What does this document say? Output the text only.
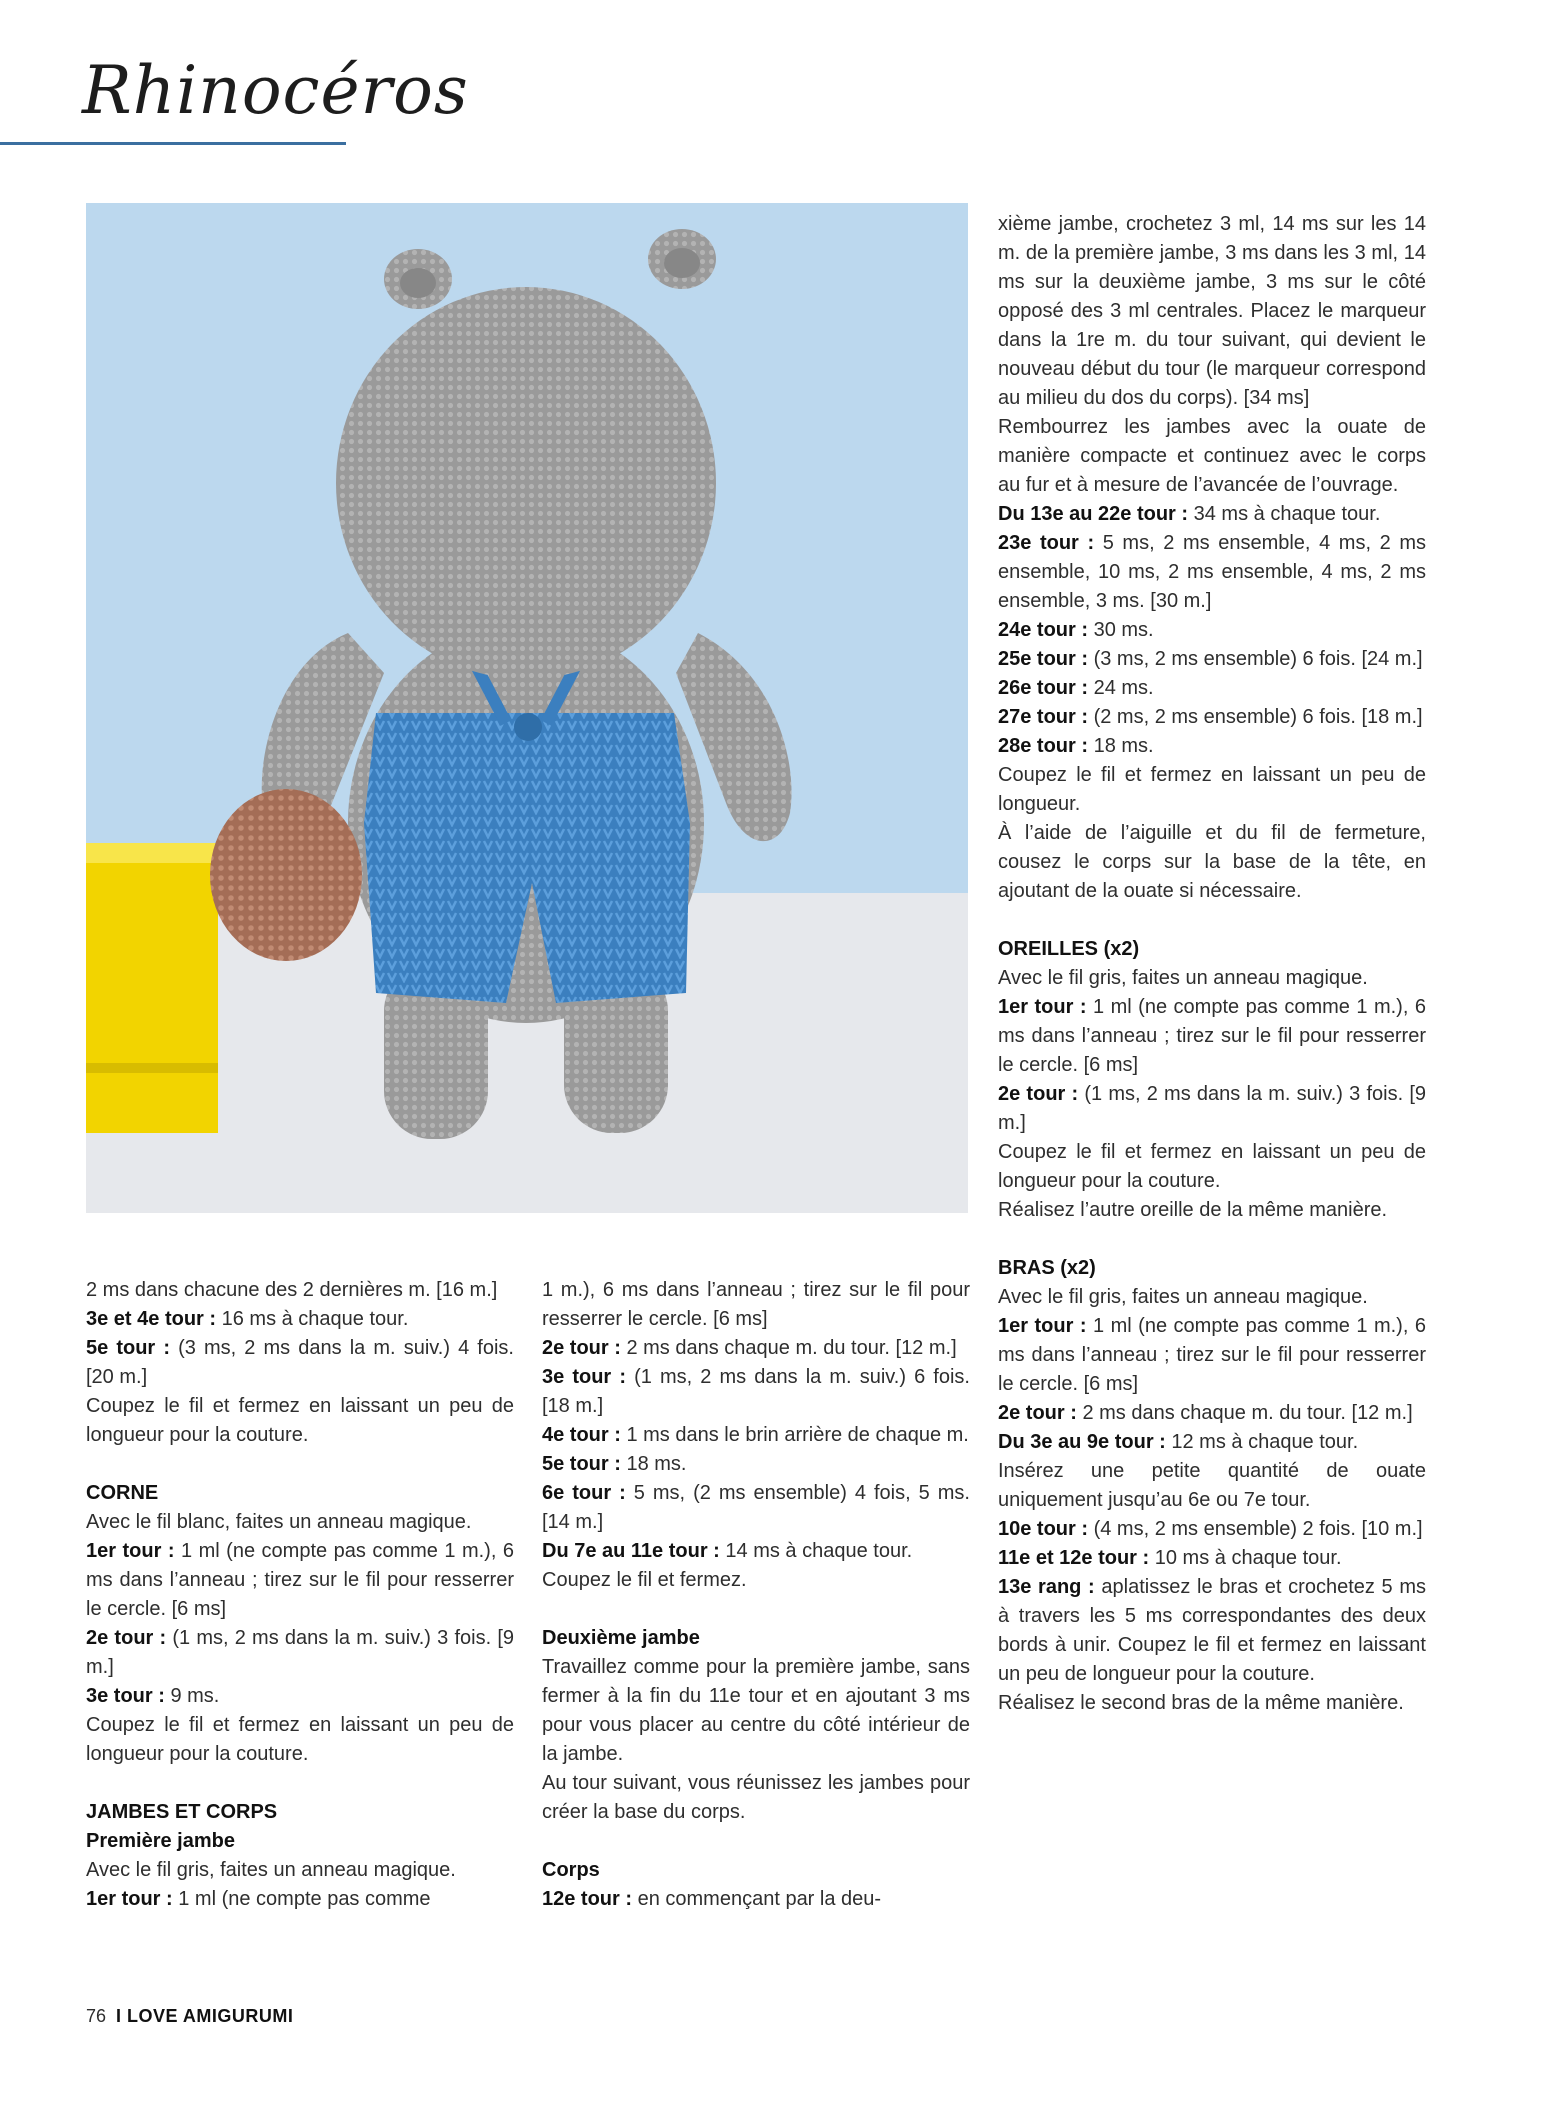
Rhinocéros

2 ms dans chacune des 2 dernières m. [16 m.]

3e et 4e tour : 16 ms à chaque tour.

5e tour : (3 ms, 2 ms dans la m. suiv.) 4 fois. [20 m.]

Coupez le fil et fermez en laissant un peu de longueur pour la couture.

CORNE

Avec le fil blanc, faites un anneau magique.

1er tour : 1 ml (ne compte pas comme 1 m.), 6 ms dans l’anneau ; tirez sur le fil pour resserrer le cercle. [6 ms]

2e tour : (1 ms, 2 ms dans la m. suiv.) 3 fois. [9 m.]

3e tour : 9 ms.

Coupez le fil et fermez en laissant un peu de longueur pour la couture.

JAMBES ET CORPS
Première jambe

Avec le fil gris, faites un anneau magique.

1er tour : 1 ml (ne compte pas comme

1 m.), 6 ms dans l’anneau ; tirez sur le fil pour resserrer le cercle. [6 ms]

2e tour : 2 ms dans chaque m. du tour. [12 m.]

3e tour : (1 ms, 2 ms dans la m. suiv.) 6 fois. [18 m.]

4e tour : 1 ms dans le brin arrière de chaque m.

5e tour : 18 ms.

6e tour : 5 ms, (2 ms ensemble) 4 fois, 5 ms. [14 m.]

Du 7e au 11e tour : 14 ms à chaque tour.

Coupez le fil et fermez.

Deuxième jambe

Travaillez comme pour la première jambe, sans fermer à la fin du 11e tour et en ajoutant 3 ms pour vous placer au centre du côté intérieur de la jambe.

Au tour suivant, vous réunissez les jambes pour créer la base du corps.

Corps

12e tour : en commençant par la deu-

xième jambe, crochetez 3 ml, 14 ms sur les 14 m. de la première jambe, 3 ms dans les 3 ml, 14 ms sur la deuxième jambe, 3 ms sur le côté opposé des 3 ml centrales. Placez le marqueur dans la 1re m. du tour suivant, qui devient le nouveau début du tour (le marqueur correspond au milieu du dos du corps). [34 ms]

Rembourrez les jambes avec la ouate de manière compacte et continuez avec le corps au fur et à mesure de l’avancée de l’ouvrage.

Du 13e au 22e tour : 34 ms à chaque tour.

23e tour : 5 ms, 2 ms ensemble, 4 ms, 2 ms ensemble, 10 ms, 2 ms ensemble, 4 ms, 2 ms ensemble, 3 ms. [30 m.]

24e tour : 30 ms.

25e tour : (3 ms, 2 ms ensemble) 6 fois. [24 m.]

26e tour : 24 ms.

27e tour : (2 ms, 2 ms ensemble) 6 fois. [18 m.]

28e tour : 18 ms.

Coupez le fil et fermez en laissant un peu de longueur.

À l’aide de l’aiguille et du fil de fermeture, cousez le corps sur la base de la tête, en ajoutant de la ouate si nécessaire.

OREILLES (x2)

Avec le fil gris, faites un anneau magique.

1er tour : 1 ml (ne compte pas comme 1 m.), 6 ms dans l’anneau ; tirez sur le fil pour resserrer le cercle. [6 ms]

2e tour : (1 ms, 2 ms dans la m. suiv.) 3 fois. [9 m.]

Coupez le fil et fermez en laissant un peu de longueur pour la couture.

Réalisez l’autre oreille de la même manière.

BRAS (x2)

Avec le fil gris, faites un anneau magique.

1er tour : 1 ml (ne compte pas comme 1 m.), 6 ms dans l’anneau ; tirez sur le fil pour resserrer le cercle. [6 ms]

2e tour : 2 ms dans chaque m. du tour. [12 m.]

Du 3e au 9e tour : 12 ms à chaque tour.

Insérez une petite quantité de ouate uniquement jusqu’au 6e ou 7e tour.

10e tour : (4 ms, 2 ms ensemble) 2 fois. [10 m.]

11e et 12e tour : 10 ms à chaque tour.

13e rang : aplatissez le bras et crochetez 5 ms à travers les 5 ms correspondantes des deux bords à unir. Coupez le fil et fermez en laissant un peu de longueur pour la couture.

Réalisez le second bras de la même manière.

76 I LOVE AMIGURUMI
